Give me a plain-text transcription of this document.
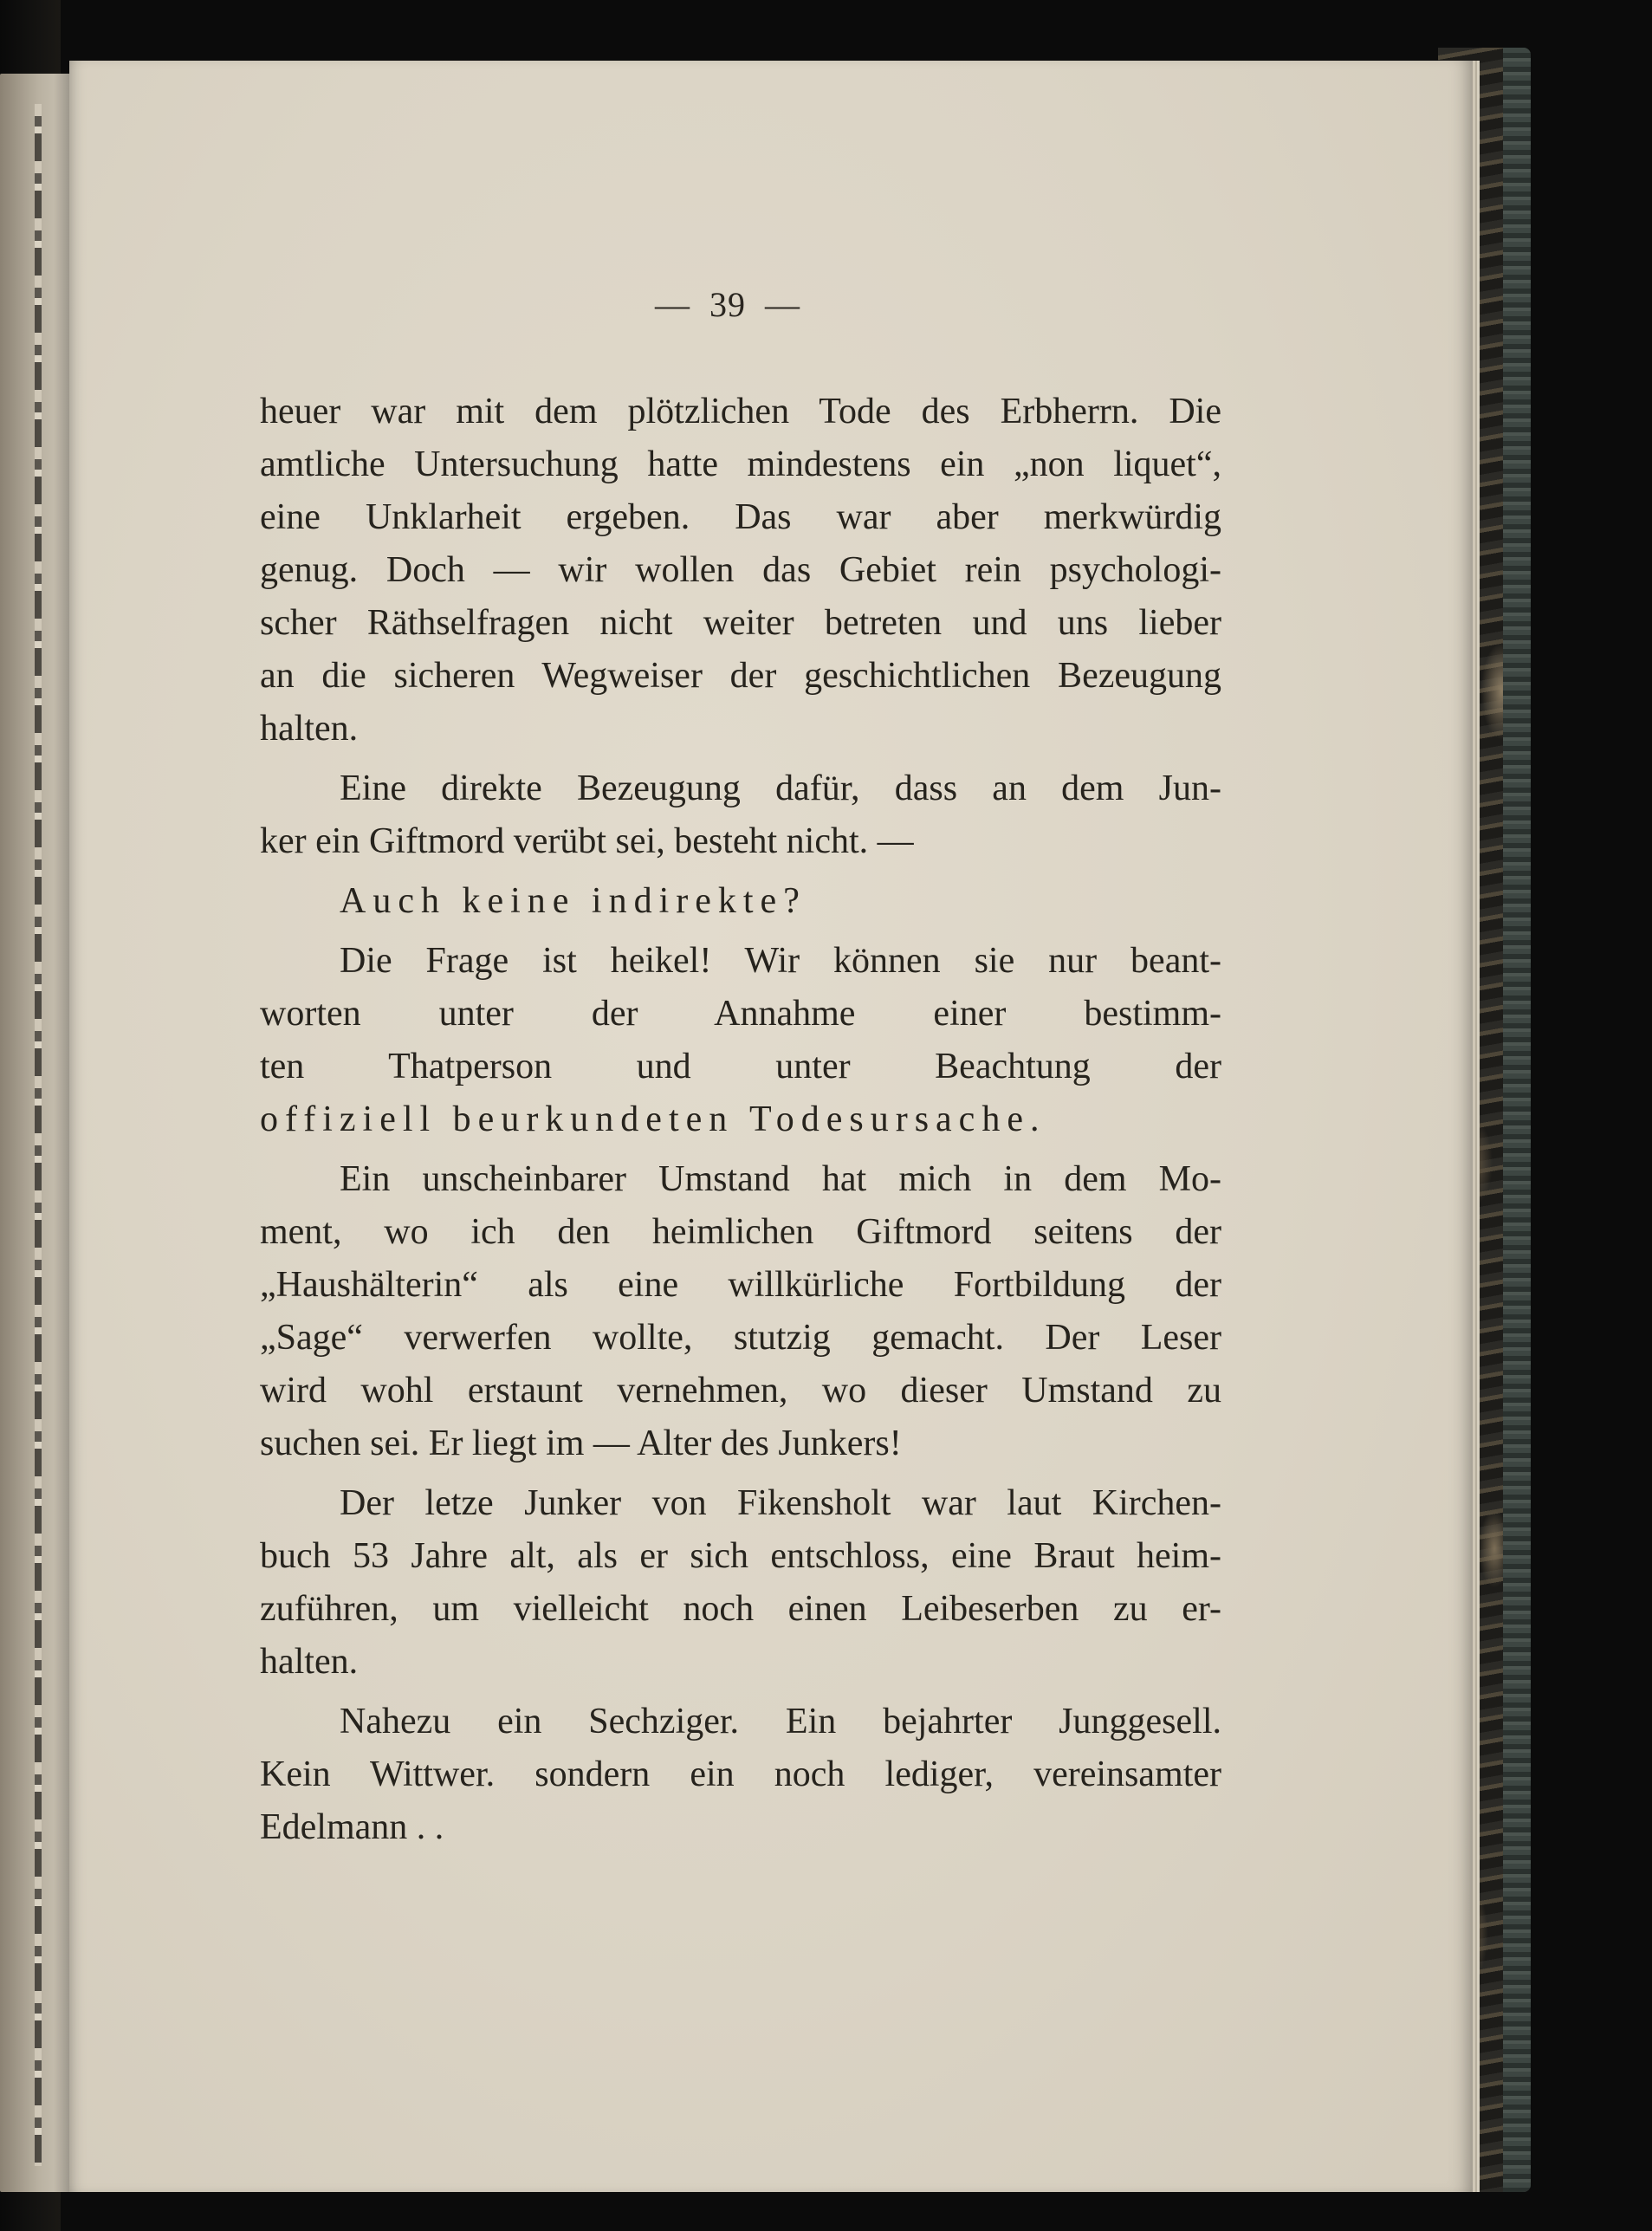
— 39 —
heuer war mit dem plötzlichen Tode des Erbherrn. Die
amtliche Untersuchung hatte mindestens ein „non liquet“,
eine Unklarheit ergeben. Das war aber merkwürdig
genug. Doch — wir wollen das Gebiet rein psychologi-
scher Räthselfragen nicht weiter betreten und uns lieber
an die sicheren Wegweiser der geschichtlichen Bezeugung
halten.
Eine direkte Bezeugung dafür, dass an dem Jun-
ker ein Giftmord verübt sei, besteht nicht. —
Auch keine indirekte?
Die Frage ist heikel! Wir können sie nur beant-
worten unter der Annahme einer bestimm-
ten Thatperson und unter Beachtung der
offiziell beurkundeten Todesursache.
Ein unscheinbarer Umstand hat mich in dem Mo-
ment, wo ich den heimlichen Giftmord seitens der
„Haushälterin“ als eine willkürliche Fortbildung der
„Sage“ verwerfen wollte, stutzig gemacht. Der Leser
wird wohl erstaunt vernehmen, wo dieser Umstand zu
suchen sei. Er liegt im — Alter des Junkers!
Der letze Junker von Fikensholt war laut Kirchen-
buch 53 Jahre alt, als er sich entschloss, eine Braut heim-
zuführen, um vielleicht noch einen Leibeserben zu er-
halten.
Nahezu ein Sechziger. Ein bejahrter Junggesell.
Kein Wittwer. sondern ein noch lediger, vereinsamter
Edelmann . .
